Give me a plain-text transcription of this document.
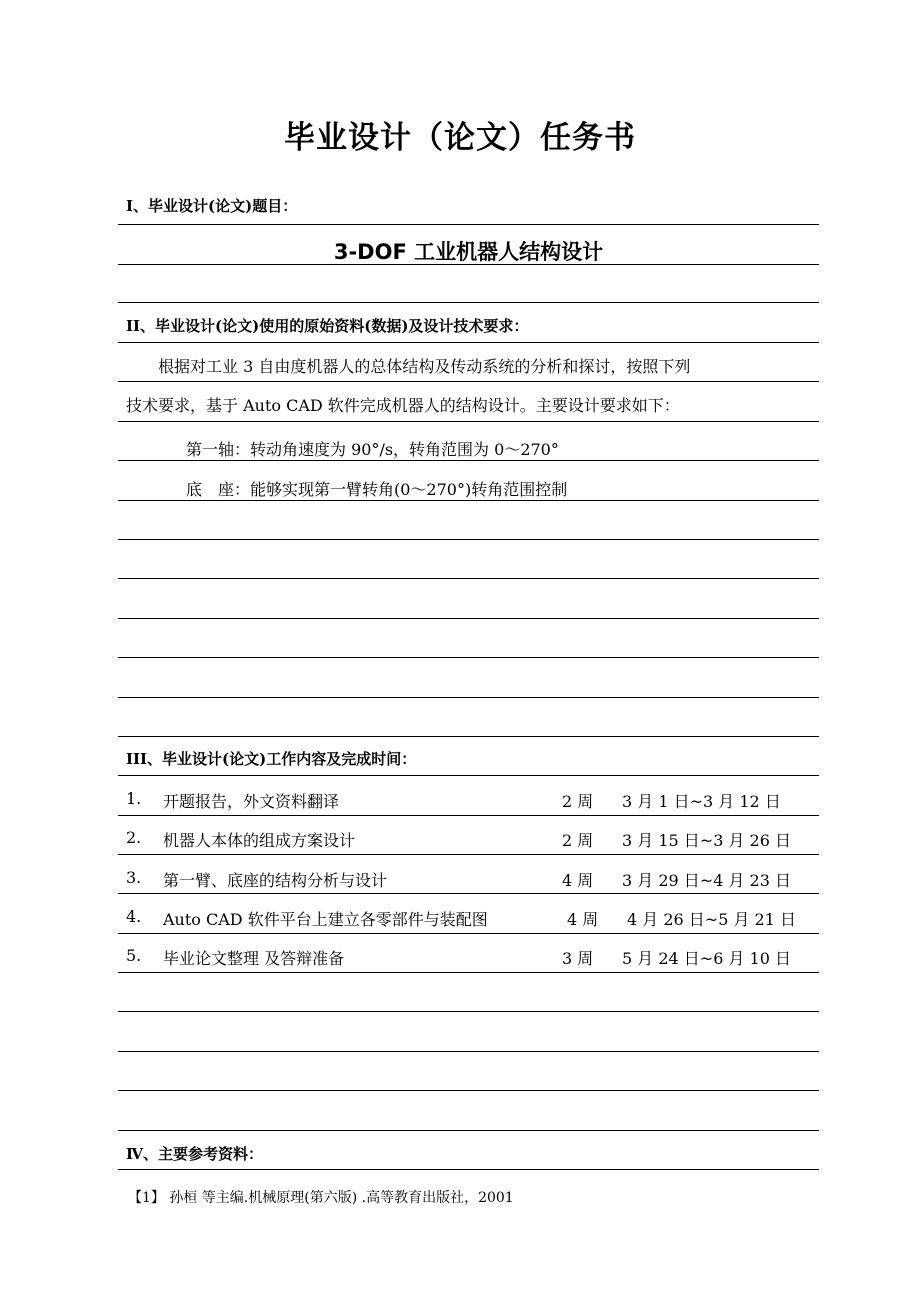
毕业设计（论文）任务书
I、毕业设计(论文)题目：
3-DOF 工业机器人结构设计
II、毕业设计(论文)使用的原始资料(数据)及设计技术要求：
根据对工业 3 自由度机器人的总体结构及传动系统的分析和探讨，按照下列
技术要求，基于 Auto CAD 软件完成机器人的结构设计。主要设计要求如下：
第一轴：转动角速度为 90°/s，转角范围为 0～270°
底　座：能够实现第一臂转角(0～270°)转角范围控制
III、毕业设计(论文)工作内容及完成时间：
1. 开题报告，外文资料翻译	2 周 3 月 1 日~3 月 12 日
2. 机器人本体的组成方案设计	2 周 3 月 15 日~3 月 26 日
3. 第一臂、底座的结构分析与设计	4 周 3 月 29 日~4 月 23 日
4. Auto CAD 软件平台上建立各零部件与装配图	4 周 4 月 26 日~5 月 21 日
5. 毕业论文整理 及答辩准备	3 周 5 月 24 日~6 月 10 日
Ⅳ、主要参考资料：
【1】 孙桓 等主编.机械原理(第六版) .高等教育出版社，2001
